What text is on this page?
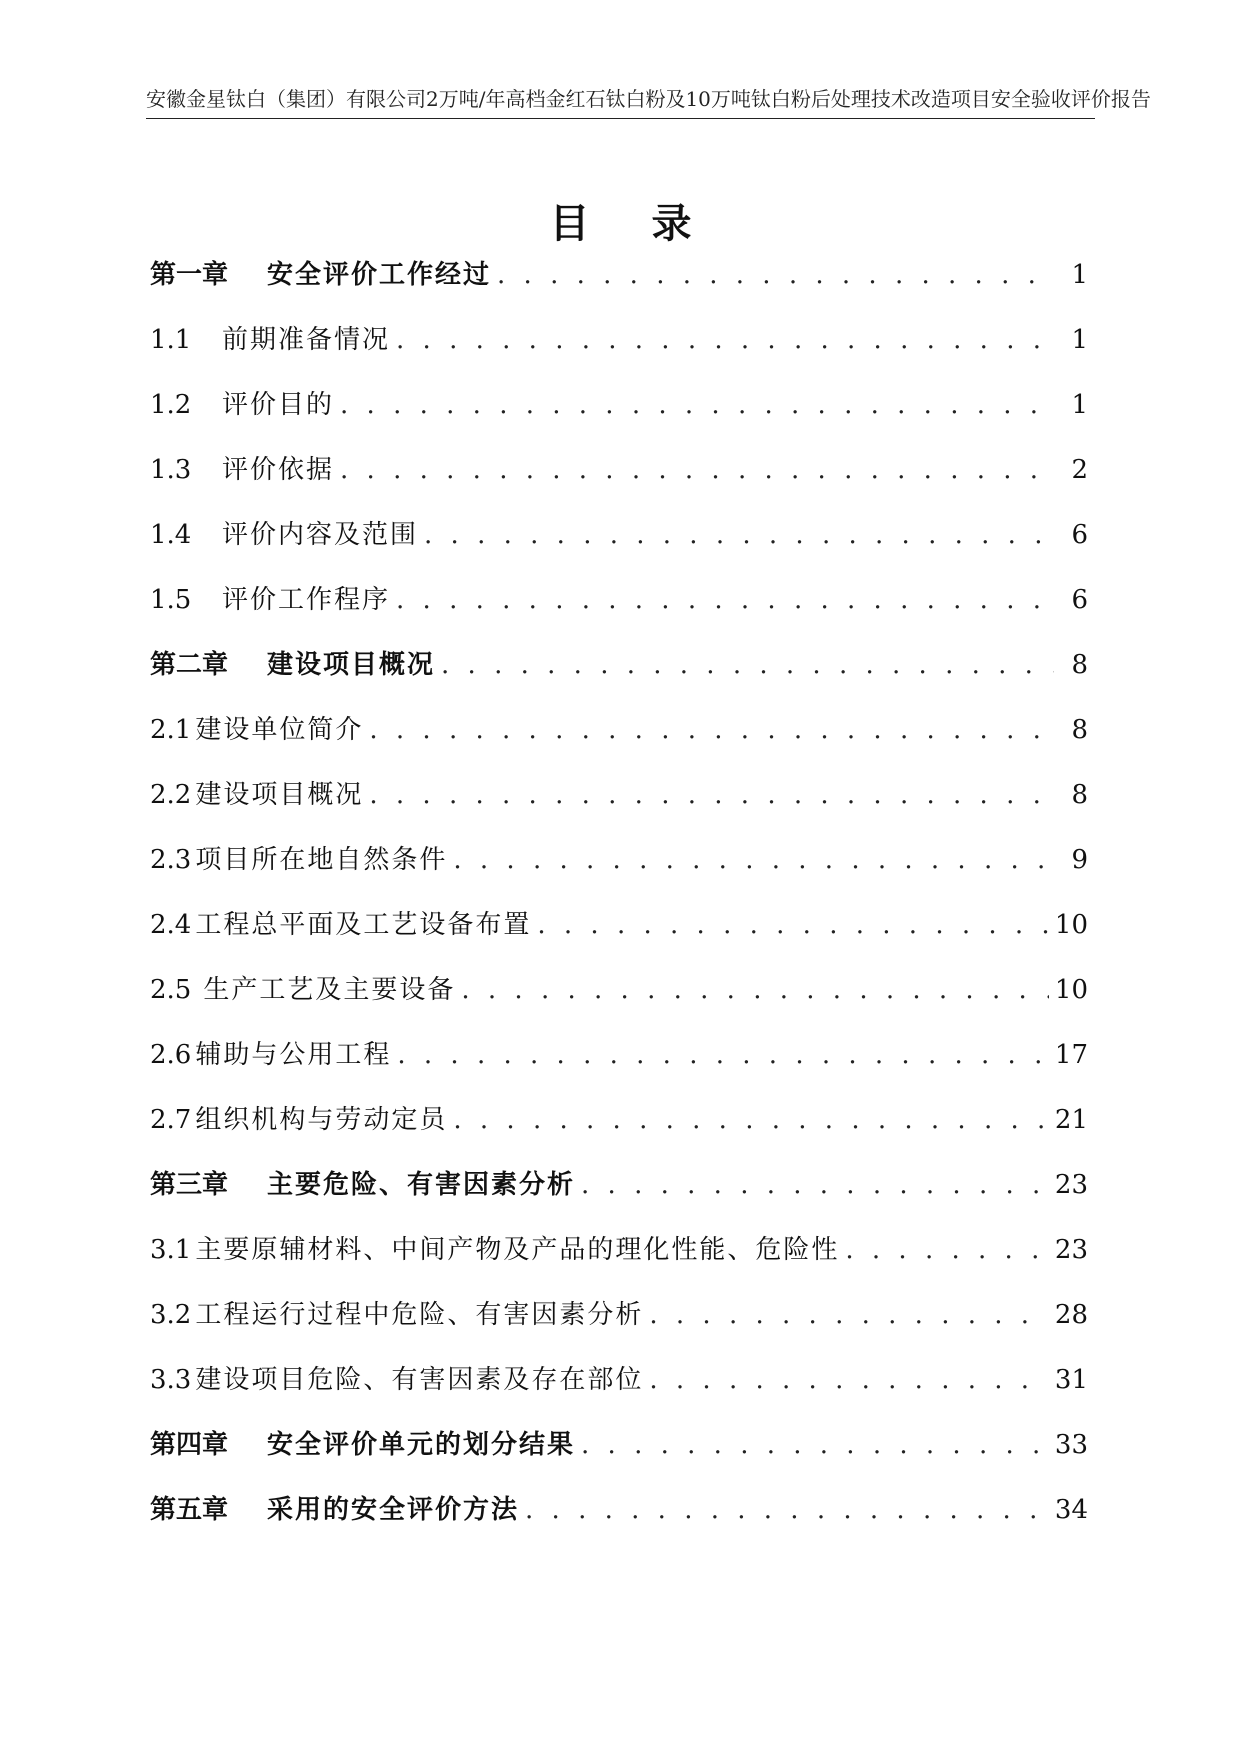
安徽金星钛白（集团）有限公司2万吨/年高档金红石钛白粉及10万吨钛白粉后处理技术改造项目安全验收评价报告
目 录
第一章	安全评价工作经过 . . .	1
1.1	前期准备情况 . . .	1
1.2	评价目的 . . .	1
1.3	评价依据 . . .	2
1.4	评价内容及范围 . . .	6
1.5	评价工作程序 . . .	6
第二章	建设项目概况 . . .	8
2.1 建设单位简介 . . .	8
2.2 建设项目概况 . . .	8
2.3 项目所在地自然条件 . . .	9
2.4 工程总平面及工艺设备布置 . . .	10
2.5 生产工艺及主要设备 . . .	10
2.6 辅助与公用工程 . . .	17
2.7 组织机构与劳动定员 . . .	21
第三章	主要危险、有害因素分析 . . .	23
3.1 主要原辅材料、中间产物及产品的理化性能、危险性 . . .	23
3.2 工程运行过程中危险、有害因素分析 . . .	28
3.3 建设项目危险、有害因素及存在部位 . . .	31
第四章	安全评价单元的划分结果 . . .	33
第五章	采用的安全评价方法 . . .	34
